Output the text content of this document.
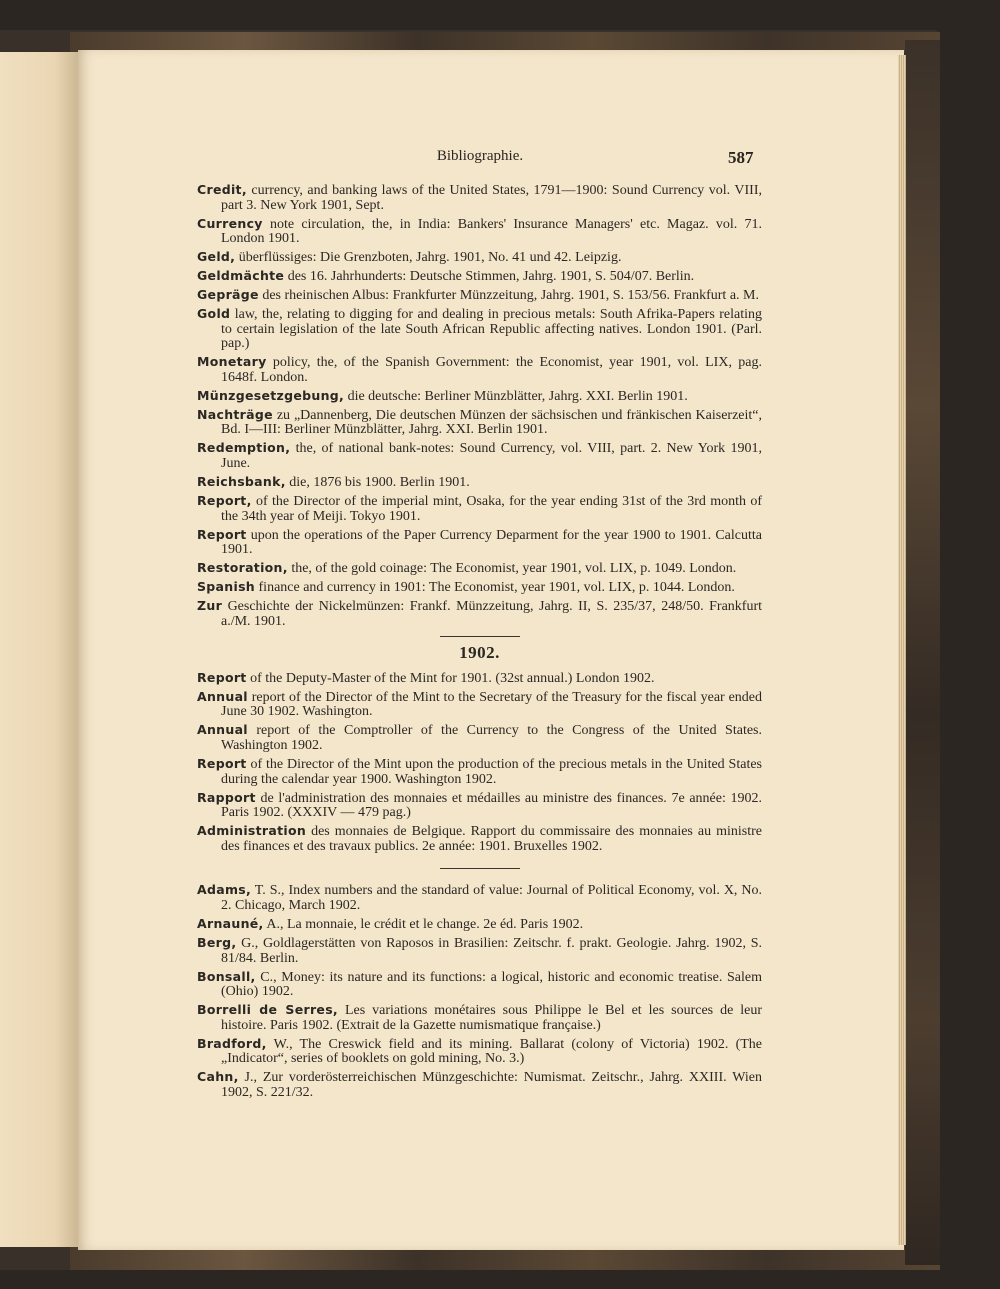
Bibliographie.	587

Credit, currency, and banking laws of the United States, 1791—1900: Sound Currency vol. VIII, part 3. New York 1901, Sept.

Currency note circulation, the, in India: Bankers' Insurance Managers' etc. Magaz. vol. 71. London 1901.

Geld, überflüssiges: Die Grenzboten, Jahrg. 1901, No. 41 und 42. Leipzig.

Geldmächte des 16. Jahrhunderts: Deutsche Stimmen, Jahrg. 1901, S. 504/07. Berlin.

Gepräge des rheinischen Albus: Frankfurter Münzzeitung, Jahrg. 1901, S. 153/56. Frankfurt a. M.

Gold law, the, relating to digging for and dealing in precious metals: South Afrika-Papers relating to certain legislation of the late South African Republic affecting natives. London 1901. (Parl. pap.)

Monetary policy, the, of the Spanish Government: the Economist, year 1901, vol. LIX, pag. 1648f. London.

Münzgesetzgebung, die deutsche: Berliner Münzblätter, Jahrg. XXI. Berlin 1901.

Nachträge zu „Dannenberg, Die deutschen Münzen der sächsischen und fränkischen Kaiserzeit“, Bd. I—III: Berliner Münzblätter, Jahrg. XXI. Berlin 1901.

Redemption, the, of national bank-notes: Sound Currency, vol. VIII, part. 2. New York 1901, June.

Reichsbank, die, 1876 bis 1900. Berlin 1901.

Report, of the Director of the imperial mint, Osaka, for the year ending 31st of the 3rd month of the 34th year of Meiji. Tokyo 1901.

Report upon the operations of the Paper Currency Deparment for the year 1900 to 1901. Calcutta 1901.

Restoration, the, of the gold coinage: The Economist, year 1901, vol. LIX, p. 1049. London.

Spanish finance and currency in 1901: The Economist, year 1901, vol. LIX, p. 1044. London.

Zur Geschichte der Nickelmünzen: Frankf. Münzzeitung, Jahrg. II, S. 235/37, 248/50. Frankfurt a./M. 1901.

1902.

Report of the Deputy-Master of the Mint for 1901. (32st annual.) London 1902.

Annual report of the Director of the Mint to the Secretary of the Treasury for the fiscal year ended June 30 1902. Washington.

Annual report of the Comptroller of the Currency to the Congress of the United States. Washington 1902.

Report of the Director of the Mint upon the production of the precious metals in the United States during the calendar year 1900. Washington 1902.

Rapport de l'administration des monnaies et médailles au ministre des finances. 7e année: 1902. Paris 1902. (XXXIV — 479 pag.)

Administration des monnaies de Belgique. Rapport du commissaire des monnaies au ministre des finances et des travaux publics. 2e année: 1901. Bruxelles 1902.

Adams, T. S., Index numbers and the standard of value: Journal of Political Economy, vol. X, No. 2. Chicago, March 1902.

Arnauné, A., La monnaie, le crédit et le change. 2e éd. Paris 1902.

Berg, G., Goldlagerstätten von Raposos in Brasilien: Zeitschr. f. prakt. Geologie. Jahrg. 1902, S. 81/84. Berlin.

Bonsall, C., Money: its nature and its functions: a logical, historic and economic treatise. Salem (Ohio) 1902.

Borrelli de Serres, Les variations monétaires sous Philippe le Bel et les sources de leur histoire. Paris 1902. (Extrait de la Gazette numismatique française.)

Bradford, W., The Creswick field and its mining. Ballarat (colony of Victoria) 1902. (The „Indicator“, series of booklets on gold mining, No. 3.)

Cahn, J., Zur vorderösterreichischen Münzgeschichte: Numismat. Zeitschr., Jahrg. XXIII. Wien 1902, S. 221/32.
